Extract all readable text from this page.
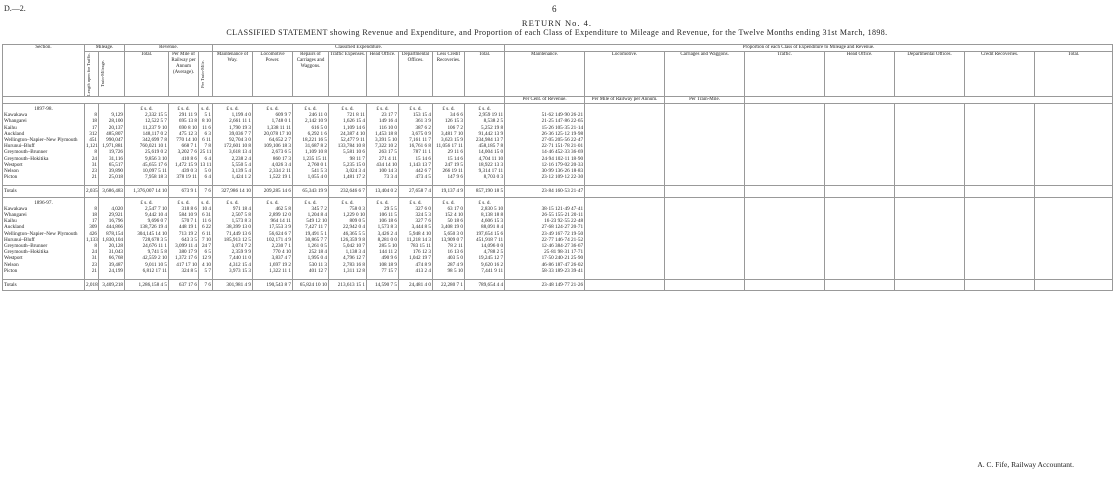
D.—2.	6
RETURN No. 4.
CLASSIFIED STATEMENT showing Revenue and Expenditure, and Proportion of each Class of Expenditure to Mileage and Revenue, for the Twelve Months ending 31st March, 1898.
Section.	Mileage.		Revenue.			Classified Expenditure.								Proportion of each Class of Expenditure to Mileage and Revenue.							

	Length open for Traffic.	Train-Mileage.	Total.	Per Mile of Railway per Annum (Average).	Per Train-Mile.	Maintenance of Way.	Locomotive Power.	Repairs of Carriages and Waggons.	Traffic Expenses.	Head Office.	Departmental Offices.	Less Credit Recoveries.	Total.	Maintenance.	Locomotive.	Carriages and Waggons.	Traffic.	Head Office.	Departmental Offices.	Credit Recoveries.	Total.
														Per Cent. of Revenue.	Per Mile of Railway per Annum.	Per Train-Mile.					
1897-98.			£ s. d.	£ s. d.	s. d.	£ s. d.	£ s. d.	£ s. d.	£ s. d.	£ s. d.	£ s. d.	£ s. d.	£ s. d.								
Kawakawa	8	9,129	2,332 15 5	291 11 9	5 1	1,199 4 0	609 9 7	246 11 0	721 8 11	23 17 7	153 15 4	34 6 6	2,959 19 11	51·62 149·90 26·21							
Whangarei	18	28,100	12,522 5 7	695 13 8	8 10	2,661 11 1	1,748 0 1	2,142 10 9	1,626 15 4	149 16 4	361 3 9	126 15 3	8,538 2 5	21·25 147·86 22·65							
Kaihu	17	20,137	11,237 9 10	690 8 10	11 6	1,790 19 3	1,338 11 11	616 5 0	1,109 14 6	116 10 0	387 6 2	106 7 2	5,252 19 8	15·26 105·35 21·14							
Auckland	312	485,807	148,117 0 2	475 12 3	6 3	39,036 7 7	20,078 17 10	6,292 1 6	24,387 4 10	1,453 18 8	3,675 0 9	3,481 7 10	91,442 13 9	26·36 125·12 19·98							
Wellington–Napier–New Plymouth	451	990,047	342,699 7 8	770 14 10	6 11	92,704 3 0	64,652 2 7	18,221 16 5	52,477 9 11	3,391 5 10	7,161 11 7	3,623 15 9	234,984 13 7	27·05 205·56 22·47							
Hurunui–Bluff	1,121	1,971,881	760,021 10 1	668 7 1	7 8	172,601 10 8	109,106 18 3	31,687 8 2	133,784 10 8	7,322 10 2	16,761 6 8	11,056 17 11	458,185 7 8	22·71 151·78 21·01							
Greymouth–Brunner	8	19,726	25,619 0 2	3,202 7 6	25 11	3,618 13 4	2,673 6 5	1,109 10 8	5,581 10 6	263 17 5	787 11 1	29 11 6	14,004 15 0	14·46 452·33 36·69							
Greymouth–Hokitika	24	31,116	9,856 3 10	410 8 6	6 4	2,238 2 4	860 17 3	1,235 15 11	98 11 7	271 4 11	15 14 6	15 14 6	4,704 11 10	24·94 102·11 18·90							
Westport	31	65,517	45,655 17 6	1,472 15 9	13 11	5,550 5 4	4,026 3 4	2,760 0 1	5,235 15 0	434 14 10	1,143 13 7	247 19 5	18,922 13 3	12·16 179·02 20·33							
Nelson	23	39,890	10,097 5 11	439 0 3	5 0	3,139 5 4	2,334 2 11	541 5 3	3,024 3 4	100 14 3	442 6 7	266 19 11	9,314 17 11	30·99 136·26 18·83							
Picton	21	25,018	7,958 18 3	378 19 11	6 4	1,424 1 2	1,522 19 1	1,055 4 0	1,481 17 2	73 3 4	473 4 5	147 9 6	8,703 0 3	23·12 109·12 22·30							

Totals	2,035	3,686,483	1,376,007 14 10	673 9 1	7 6	327,986 14 10	209,285 14 6	65,343 19 9	232,646 6 7	13,404 0 2	27,658 7 4	19,137 4 9	857,190 18 5	23·84 160·53 21·47							
1896-97.			£ s. d.	£ s. d.	s. d.	£ s. d.	£ s. d.	£ s. d.	£ s. d.	£ s. d.	£ s. d.	£ s. d.	£ s. d.								
Kawakawa	8	4,020	2,547 7 10	318 8 6	10 4	971 18 4	462 5 8	345 7 2	758 0 3	29 5 5	327 6 0	63 17 0	2,830 5 10	38·15 121·49 47·41							
Whangarei	18	29,921	9,442 10 4	584 10 9	6 31	2,507 5 8	2,899 12 0	1,204 8 4	1,229 0 10	106 11 5	324 5 3	152 4 10	8,138 18 8	26·55 155·21 20·11							
Kaihu	17	16,796	9,696 0 7	570 7 1	11 6	1,573 8 3	964 14 11	549 12 10	809 0 5	106 18 6	327 7 6	50 18 6	4,606 15 3	16·23 92·55 22·48							
Auckland	309	444,866	138,726 19 4	448 19 1	6 22	38,399 13 0	17,553 3 9	7,427 11 7	22,942 0 4	1,573 8 3	3,444 8 5	3,408 19 0	88,091 8 4	27·68 124·27 20·71							
Wellington–Napier–New Plymouth	426	878,154	304,145 14 10	713 19 2	6 11	71,449 13 6	56,624 6 7	19,491 5 1	46,365 5 5	3,426 2 4	5,948 4 10	5,650 3 0	197,654 15 6	23·49 167·72 19·50							
Hurunui–Bluff	1,133	1,830,104	728,678 3 5	643 3 5	7 10	185,913 12 5	102,171 4 9	30,865 7 7	126,359 9 8	8,281 0 0	11,218 14 3	13,909 0 7	451,918 7 11	22·77 146·74 21·52							
Greymouth–Brunner	8	20,128	24,676 11 1	3,099 11 4	24 7	3,074 7 2	2,230 7 1	1,261 0 5	5,042 10 7	285 5 10	783 15 11	78 2 11	14,096 0 0	12·46 384·27 36·67							
Greymouth–Hokitika	24	31,043	9,741 5 8	380 17 9	6 5	2,359 9 9	770 4 10	252 18 4	1,138 3 4	144 11 2	176 12 3	16 13 6	4,788 2 5	25·81 98·31 17·71							
Westport	31	66,768	42,559 2 10	1,372 17 6	12 9	7,440 11 0	3,837 4 7	1,995 0 4	4,796 12 7	490 9 6	1,042 19 7	403 5 0	19,245 12 7	17·50 240·21 25·90							
Nelson	23	39,487	9,011 10 5	417 17 10	4 10	4,312 15 4	1,697 19 2	530 11 3	2,783 16 8	108 18 9	474 8 9	287 4 9	9,620 16 2	46·86 187·47 26·02							
Picton	21	24,199	6,812 17 11	324 8 5	5 7	3,973 15 3	1,322 11 1	401 12 7	1,311 12 8	77 15 7	413 2 4	98 5 10	7,441 9 11	58·33 189·23 39·41							

Totals	2,018	3,409,218	1,286,158 4 5	637 17 6	7 6	301,981 4 9	190,543 8 7	65,824 10 10	213,613 15 1	14,590 7 5	24,481 4 0	22,280 7 1	789,654 4 4	23·48 149·77 21·26							
A. C. Fife, Railway Accountant.
